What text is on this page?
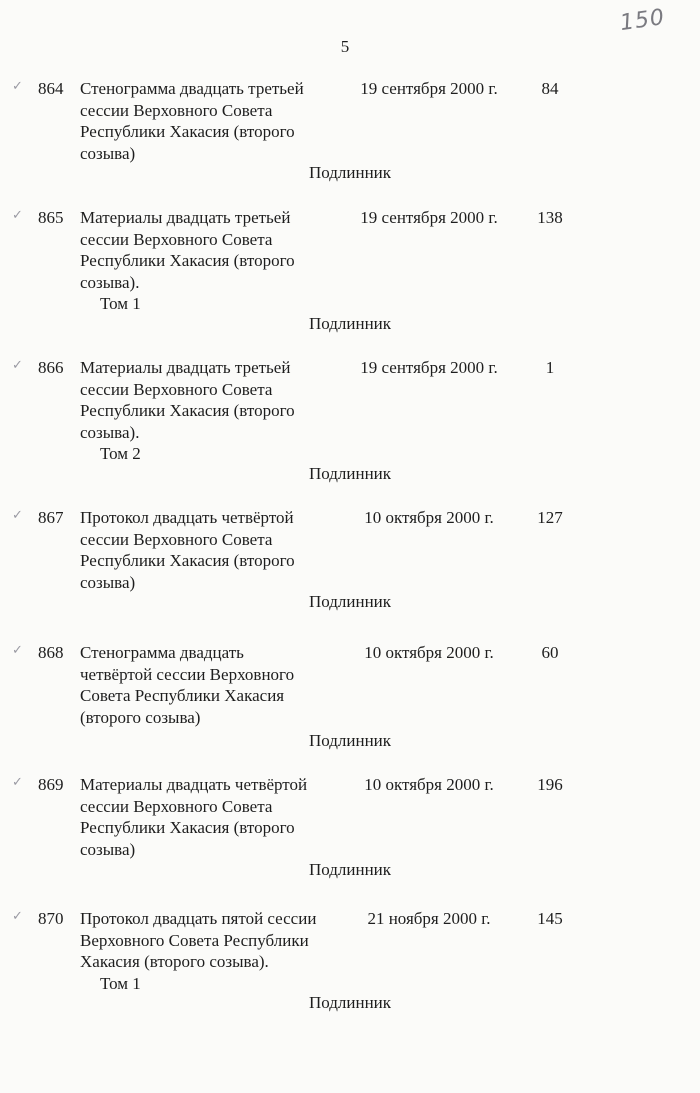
150
5
✓ 864 Стенограмма двадцать третьей
сессии Верховного Совета
Республики Хакасия (второго
созыва)
19 сентября 2000 г.	84
Подлинник
✓ 865 Материалы двадцать третьей
сессии Верховного Совета
Республики Хакасия (второго
созыва).
Том 1
19 сентября 2000 г.	138
Подлинник
✓ 866 Материалы двадцать третьей
сессии Верховного Совета
Республики Хакасия (второго
созыва).
Том 2
19 сентября 2000 г.	1
Подлинник
✓ 867 Протокол двадцать четвёртой
сессии Верховного Совета
Республики Хакасия (второго
созыва)
10 октября 2000 г.	127
Подлинник
✓ 868 Стенограмма двадцать
четвёртой сессии Верховного
Совета Республики Хакасия
(второго созыва)
10 октября 2000 г.	60
Подлинник
✓ 869 Материалы двадцать четвёртой
сессии Верховного Совета
Республики Хакасия (второго
созыва)
10 октября 2000 г.	196
Подлинник
✓ 870 Протокол двадцать пятой сессии
Верховного Совета Республики
Хакасия (второго созыва).
Том 1
21 ноября 2000 г.	145
Подлинник
